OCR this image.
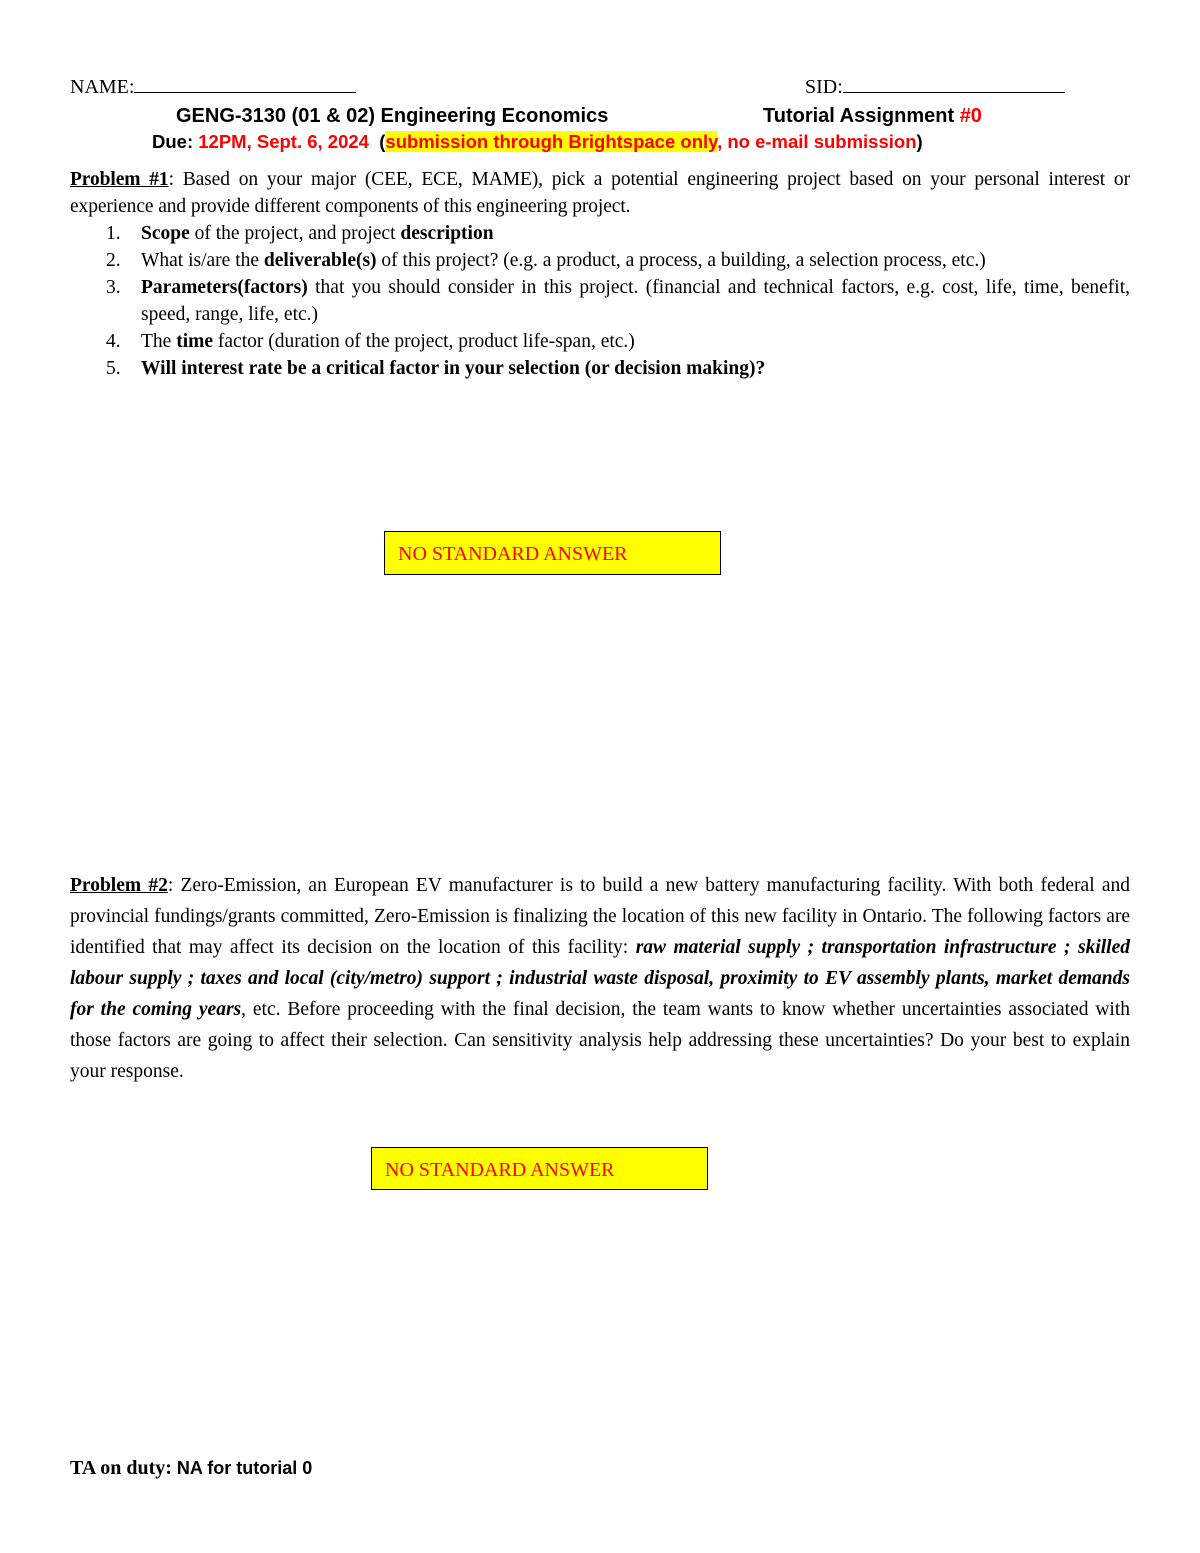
NAME:	SID:
GENG-3130 (01 & 02) Engineering Economics	Tutorial Assignment #0
Due: 12PM, Sept. 6, 2024 (submission through Brightspace only, no e-mail submission)
Problem #1: Based on your major (CEE, ECE, MAME), pick a potential engineering project based on your personal interest or experience and provide different components of this engineering project.
1. Scope of the project, and project description
2. What is/are the deliverable(s) of this project? (e.g. a product, a process, a building, a selection process, etc.)
3. Parameters(factors) that you should consider in this project. (financial and technical factors, e.g. cost, life, time, benefit, speed, range, life, etc.)
4. The time factor (duration of the project, product life-span, etc.)
5. Will interest rate be a critical factor in your selection (or decision making)?
NO STANDARD ANSWER
Problem #2: Zero-Emission, an European EV manufacturer is to build a new battery manufacturing facility. With both federal and provincial fundings/grants committed, Zero-Emission is finalizing the location of this new facility in Ontario. The following factors are identified that may affect its decision on the location of this facility: raw material supply ; transportation infrastructure ; skilled labour supply ; taxes and local (city/metro) support ; industrial waste disposal, proximity to EV assembly plants, market demands for the coming years, etc. Before proceeding with the final decision, the team wants to know whether uncertainties associated with those factors are going to affect their selection. Can sensitivity analysis help addressing these uncertainties? Do your best to explain your response.
NO STANDARD ANSWER
TA on duty: NA for tutorial 0
